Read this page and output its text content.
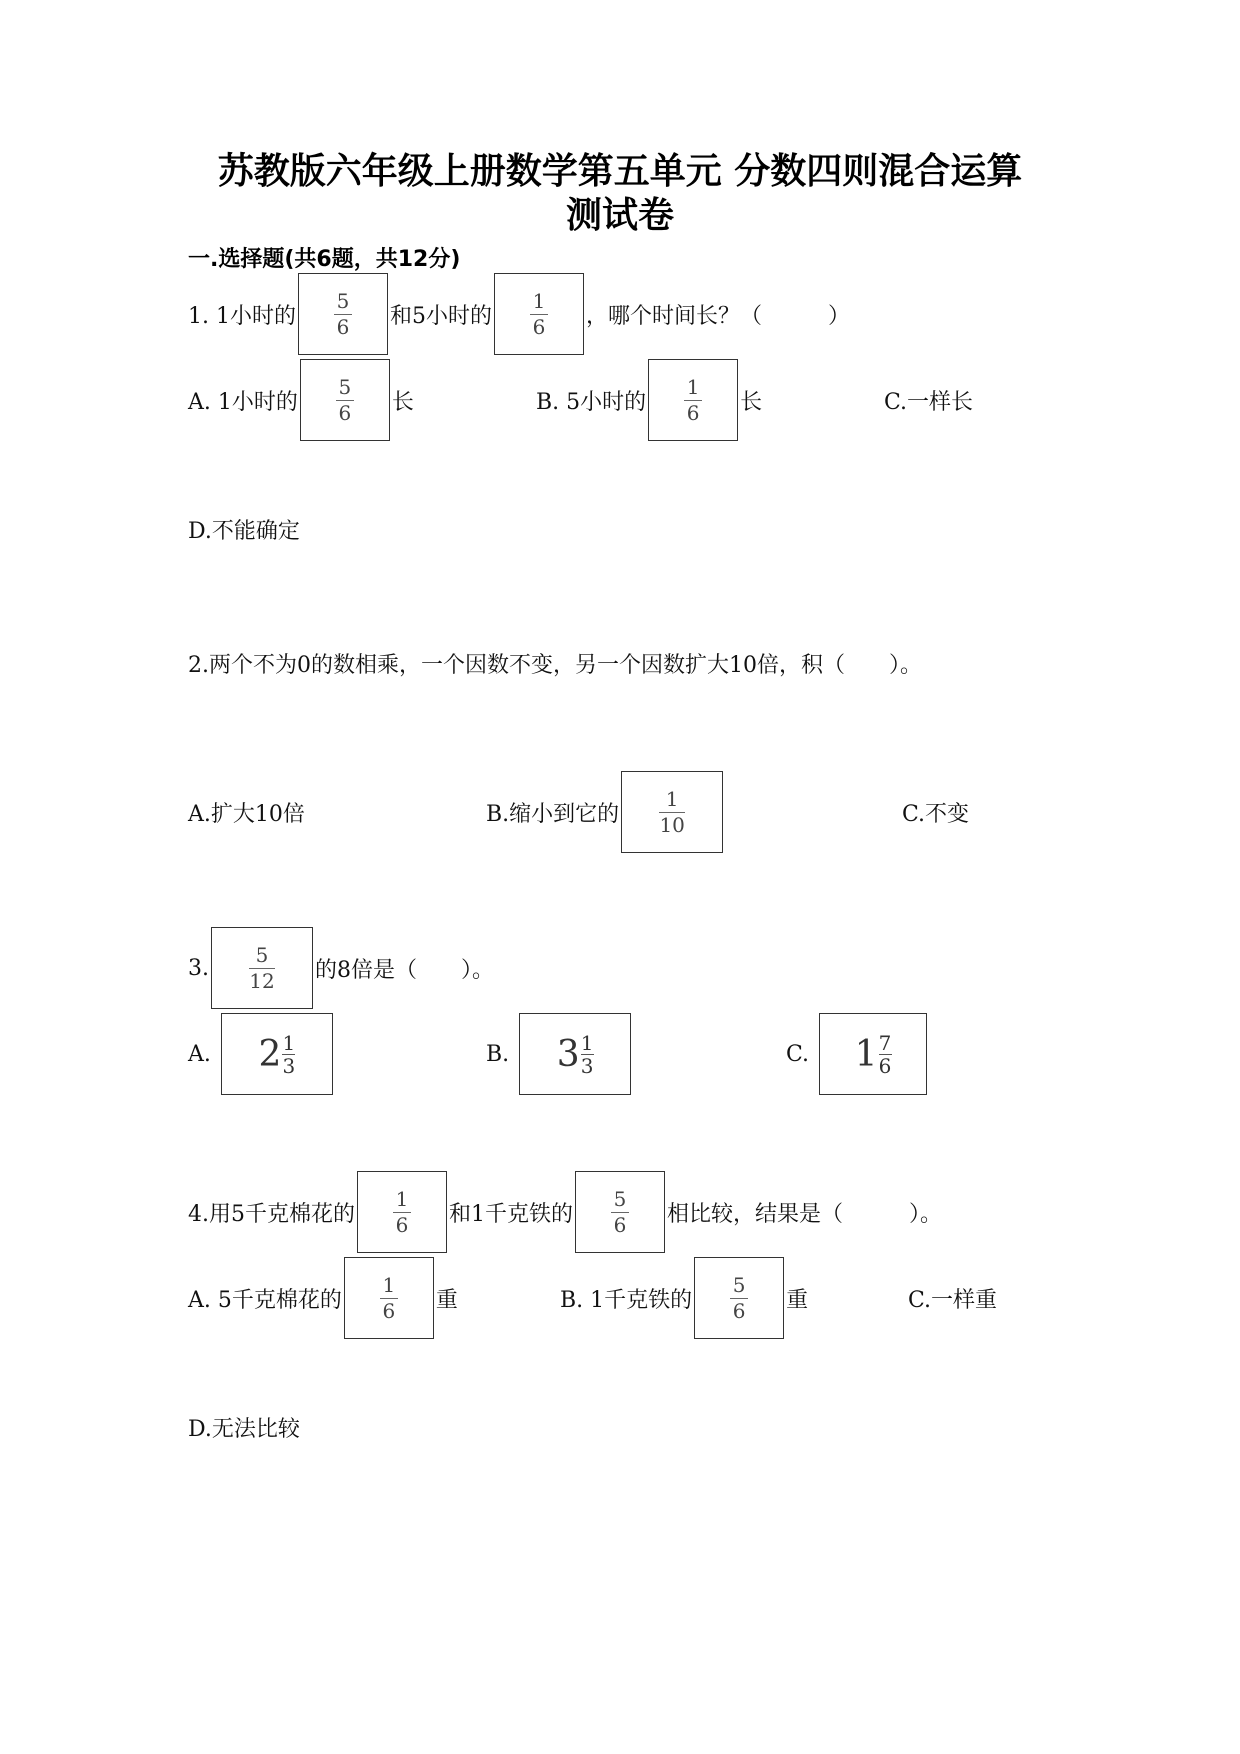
苏教版六年级上册数学第五单元 分数四则混合运算
测试卷
一.选择题(共6题，共12分)
1. 1小时的
5
6 和5小时的
1
6 ，哪个时间长？（　　　）
A. 1小时的
5
6 长	B. 5小时的
1
6 长	C.一样长
D.不能确定
2.两个不为0的数相乘，一个因数不变，另一个因数扩大10倍，积（　　）。
A.扩大10倍	B.缩小到它的
1
10	C.不变
3.
5
12 的8倍是（　　）。
A. $2 \frac{1}{3}$	B. $3 \frac{1}{3}$	C. $1 \frac{7}{6}$
4.用5千克棉花的
1
6 和1千克铁的
5
6 相比较，结果是（　　　）。
A. 5千克棉花的
1
6 重	B. 1千克铁的
5
6 重	C.一样重
D.无法比较
